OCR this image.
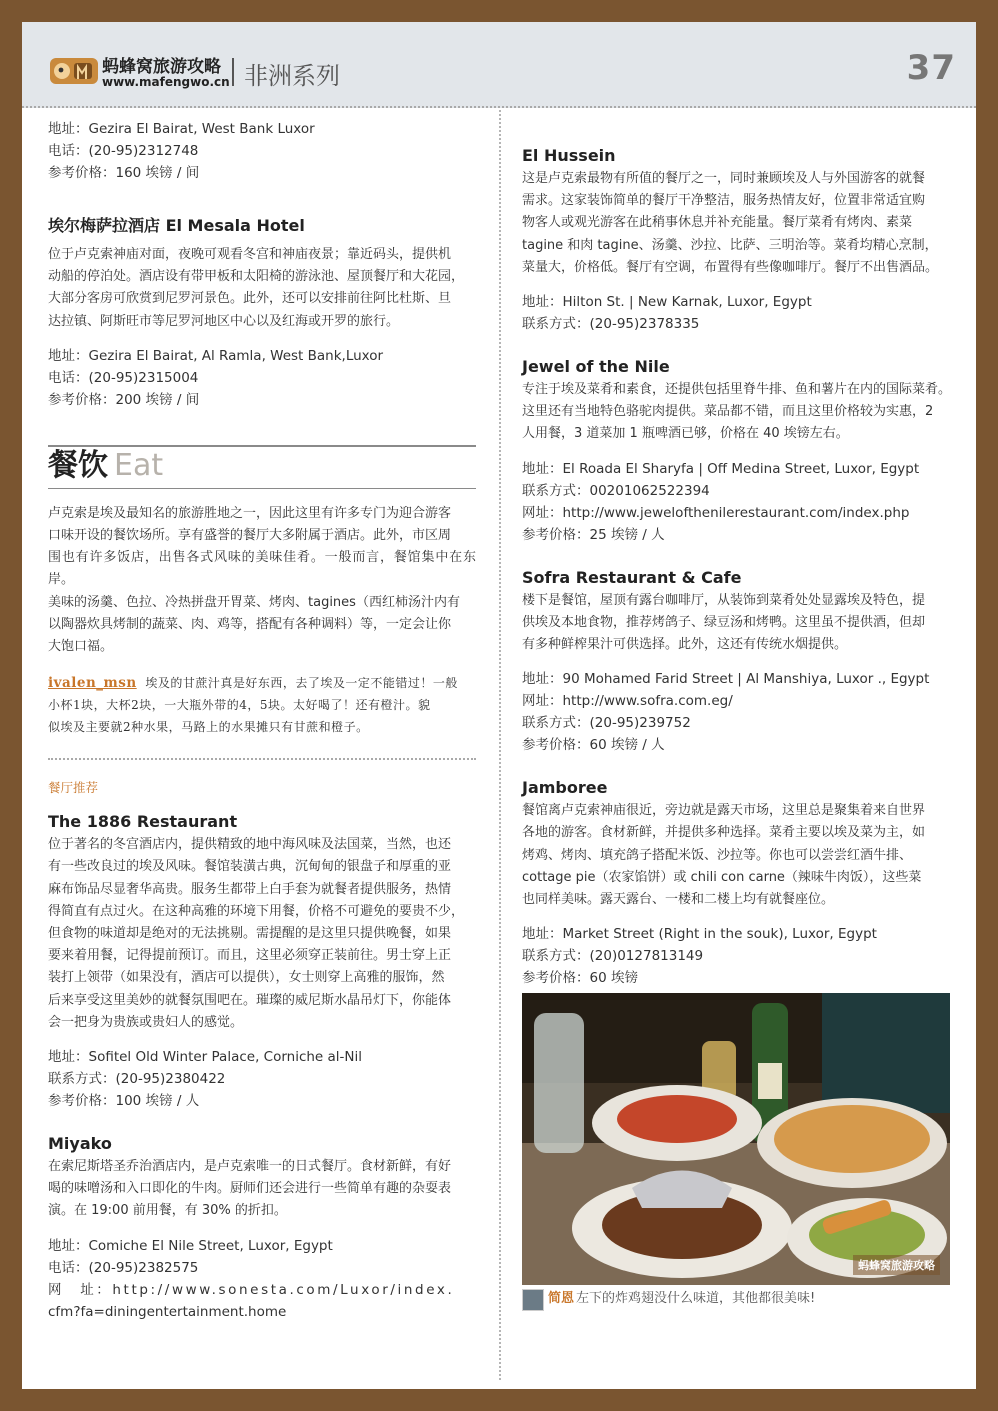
蚂蜂窝旅游攻略
www.mafengwo.cn 非洲系列	37
地址：Gezira El Bairat, West Bank Luxor
电话：(20-95)2312748
参考价格：160 埃镑 / 间
埃尔梅萨拉酒店 El Mesala Hotel
位于卢克索神庙对面，夜晚可观看冬宫和神庙夜景；靠近码头，提供机
动船的停泊处。酒店设有带甲板和太阳椅的游泳池、屋顶餐厅和大花园，
大部分客房可欣赏到尼罗河景色。此外，还可以安排前往阿比杜斯、旦
达拉镇、阿斯旺市等尼罗河地区中心以及红海或开罗的旅行。
地址：Gezira El Bairat, Al Ramla, West Bank,Luxor
电话：(20-95)2315004
参考价格：200 埃镑 / 间
餐饮 Eat
卢克索是埃及最知名的旅游胜地之一，因此这里有许多专门为迎合游客
口味开设的餐饮场所。享有盛誉的餐厅大多附属于酒店。此外，市区周
围也有许多饭店，出售各式风味的美味佳肴。一般而言，餐馆集中在东岸。
美味的汤羹、色拉、冷热拼盘开胃菜、烤肉、tagines（西红柿汤汁内有
以陶器炊具烤制的蔬菜、肉、鸡等，搭配有各种调料）等，一定会让你
大饱口福。
ivalen_msn 埃及的甘蔗汁真是好东西，去了埃及一定不能错过！一般
小杯1块，大杯2块，一大瓶外带的4，5块。太好喝了！还有橙汁。貌
似埃及主要就2种水果，马路上的水果摊只有甘蔗和橙子。
餐厅推荐
The 1886 Restaurant
位于著名的冬宫酒店内，提供精致的地中海风味及法国菜，当然，也还
有一些改良过的埃及风味。餐馆装潢古典，沉甸甸的银盘子和厚重的亚
麻布饰品尽显奢华高贵。服务生都带上白手套为就餐者提供服务，热情
得简直有点过火。在这种高雅的环境下用餐，价格不可避免的要贵不少，
但食物的味道却是绝对的无法挑剔。需提醒的是这里只提供晚餐，如果
要来着用餐，记得提前预订。而且，这里必须穿正装前往。男士穿上正
装打上领带（如果没有，酒店可以提供），女士则穿上高雅的服饰，然
后来享受这里美妙的就餐氛围吧在。璀璨的威尼斯水晶吊灯下，你能体
会一把身为贵族或贵妇人的感觉。
地址：Sofitel Old Winter Palace, Corniche al-Nil
联系方式：(20-95)2380422
参考价格：100 埃镑 / 人
Miyako
在索尼斯塔圣乔治酒店内，是卢克索唯一的日式餐厅。食材新鲜，有好
喝的味噌汤和入口即化的牛肉。厨师们还会进行一些简单有趣的杂耍表
演。在 19:00 前用餐，有 30% 的折扣。
地址：Comiche El Nile Street, Luxor, Egypt
电话：(20-95)2382575
网　址：http://www.sonesta.com/Luxor/index.
cfm?fa=diningentertainment.home
El Hussein
这是卢克索最物有所值的餐厅之一，同时兼顾埃及人与外国游客的就餐
需求。这家装饰简单的餐厅干净整洁，服务热情友好，位置非常适宜购
物客人或观光游客在此稍事休息并补充能量。餐厅菜肴有烤肉、素菜
tagine 和肉 tagine、汤羹、沙拉、比萨、三明治等。菜肴均精心烹制，
菜量大，价格低。餐厅有空调，布置得有些像咖啡厅。餐厅不出售酒品。
地址：Hilton St. | New Karnak, Luxor, Egypt
联系方式：(20-95)2378335
Jewel of the Nile
专注于埃及菜肴和素食，还提供包括里脊牛排、鱼和薯片在内的国际菜肴。
这里还有当地特色骆驼肉提供。菜品都不错，而且这里价格较为实惠，2
人用餐，3 道菜加 1 瓶啤酒已够，价格在 40 埃镑左右。
地址：El Roada El Sharyfa | Off Medina Street, Luxor, Egypt
联系方式：00201062522394
网址：http://www.jewelofthenilerestaurant.com/index.php
参考价格：25 埃镑 / 人
Sofra Restaurant & Cafe
楼下是餐馆，屋顶有露台咖啡厅，从装饰到菜肴处处显露埃及特色，提
供埃及本地食物，推荐烤鸽子、绿豆汤和烤鸭。这里虽不提供酒，但却
有多种鲜榨果汁可供选择。此外，这还有传统水烟提供。
地址：90 Mohamed Farid Street | Al Manshiya, Luxor ., Egypt
网址：http://www.sofra.com.eg/
联系方式：(20-95)239752
参考价格：60 埃镑 / 人
Jamboree
餐馆离卢克索神庙很近，旁边就是露天市场，这里总是聚集着来自世界
各地的游客。食材新鲜，并提供多种选择。菜肴主要以埃及菜为主，如
烤鸡、烤肉、填充鸽子搭配米饭、沙拉等。你也可以尝尝红酒牛排、
cottage pie（农家馅饼）或 chili con carne（辣味牛肉饭），这些菜
也同样美味。露天露台、一楼和二楼上均有就餐座位。
地址：Market Street (Right in the souk), Luxor, Egypt
联系方式：(20)0127813149
参考价格：60 埃镑
蚂蜂窝旅游攻略
简恩 左下的炸鸡翅没什么味道，其他都很美味!
